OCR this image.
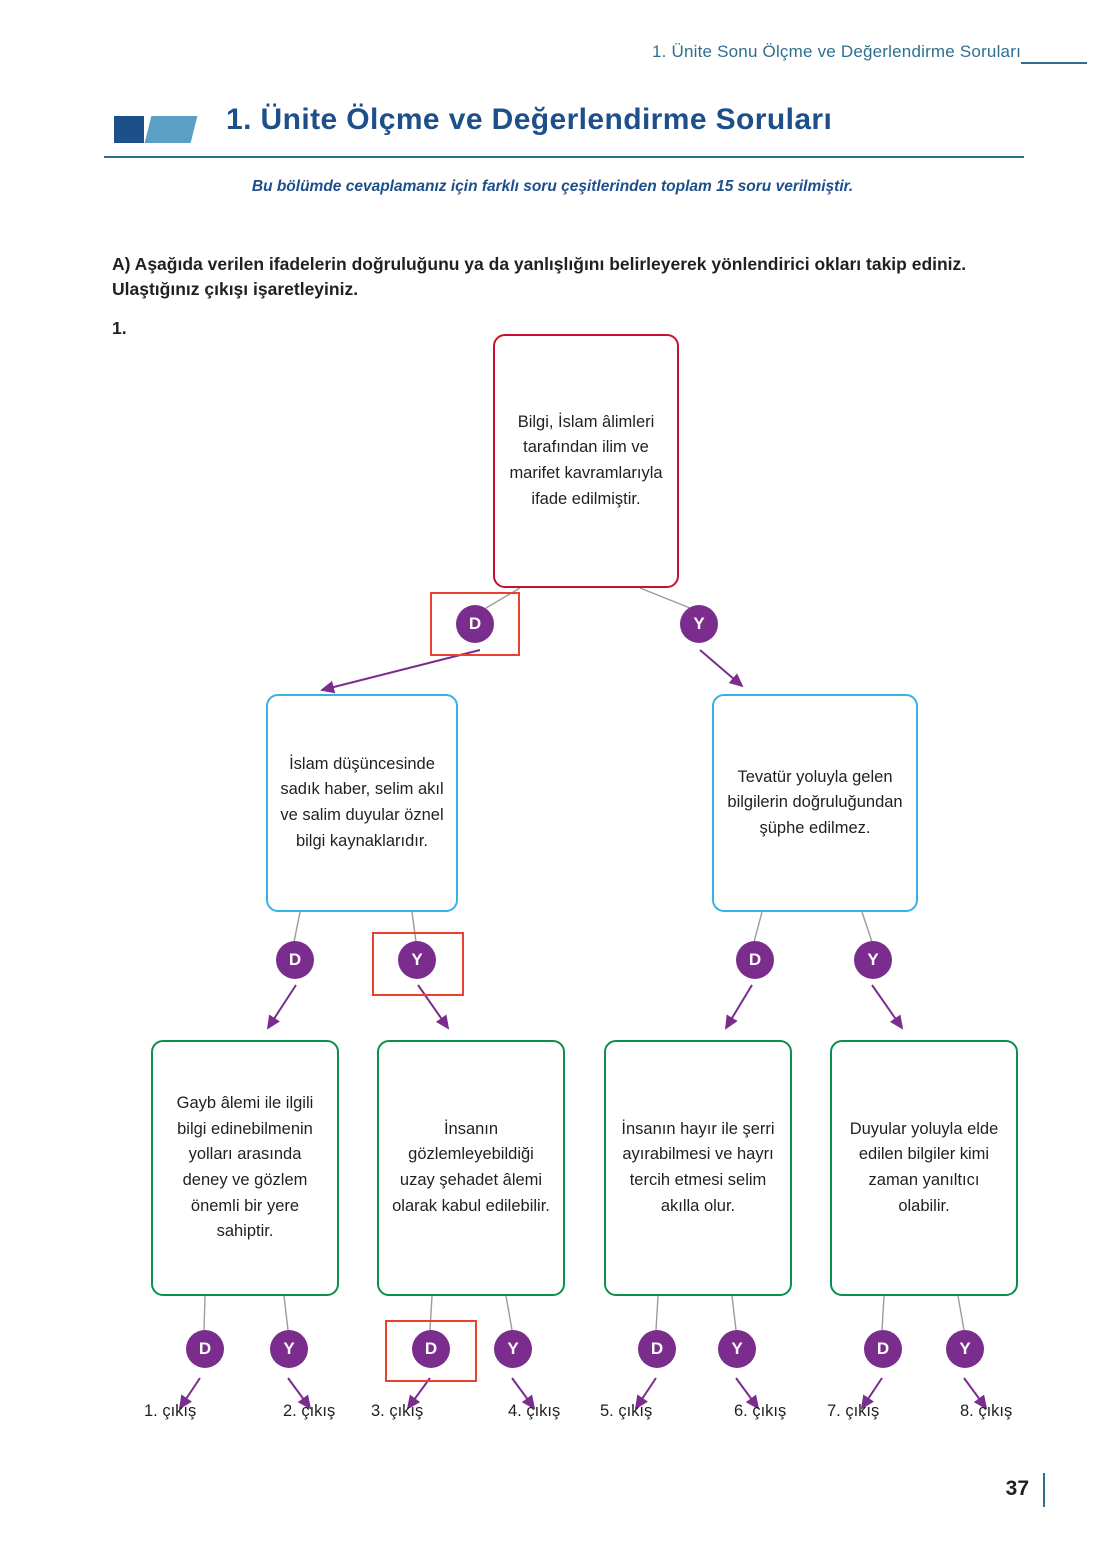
1. Ünite Sonu Ölçme ve Değerlendirme Soruları
1. Ünite Ölçme ve Değerlendirme Soruları
Bu bölümde cevaplamanız için farklı soru çeşitlerinden toplam 15 soru verilmiştir.
A) Aşağıda verilen ifadelerin doğruluğunu ya da yanlışlığını belirleyerek yönlendirici okları takip ediniz. Ulaştığınız çıkışı işaretleyiniz.
1.
Bilgi, İslam âlimleri tarafından ilim ve marifet kavramlarıyla ifade edilmiştir.
D	Y
İslam düşüncesinde sadık haber, selim akıl ve salim duyular öznel bilgi kaynaklarıdır.
Tevatür yoluyla gelen bilgilerin doğruluğundan şüphe edilmez.
D	Y	D	Y
Gayb âlemi ile ilgili bilgi edinebilmenin yolları arasında deney ve gözlem önemli bir yere sahiptir.
İnsanın gözlemleyebildiği uzay şehadet âlemi olarak kabul edilebilir.
İnsanın hayır ile şerri ayırabilmesi ve hayrı tercih etmesi selim akılla olur.
Duyular yoluyla elde edilen bilgiler kimi zaman yanıltıcı olabilir.
D	Y	D	Y	D	Y	D	Y
1. çıkış	2. çıkış 3. çıkış	4. çıkış 5. çıkış	6. çıkış 7. çıkış	8. çıkış
37
